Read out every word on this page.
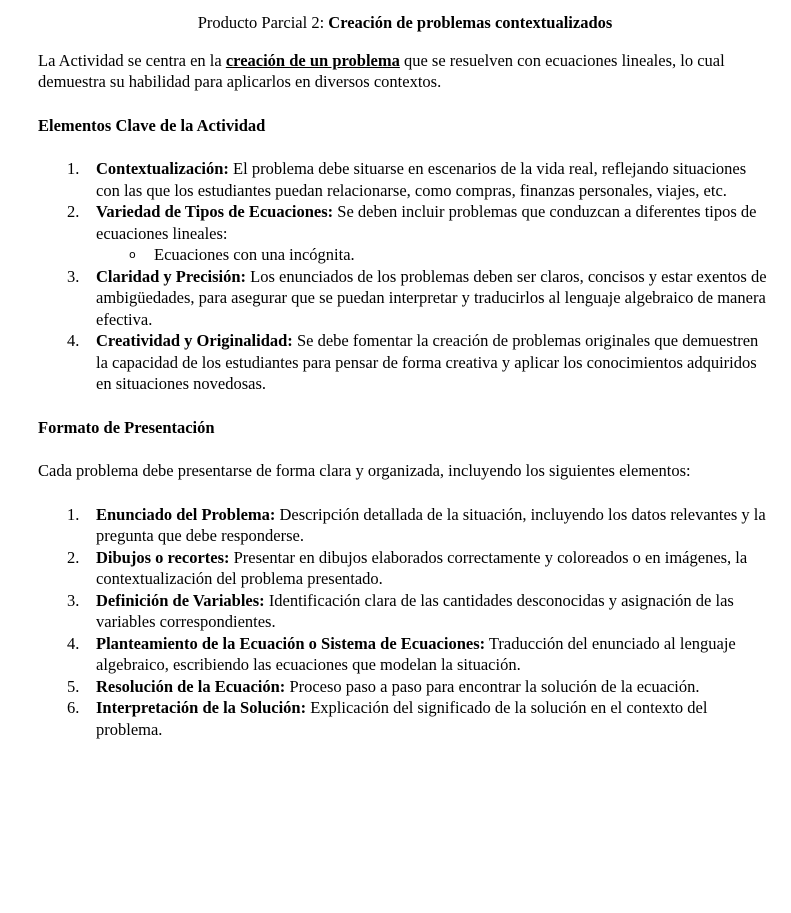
Producto Parcial 2: Creación de problemas contextualizados

La Actividad se centra en la creación de un problema que se resuelven con ecuaciones lineales, lo cual demuestra su habilidad para aplicarlos en diversos contextos.

Elementos Clave de la Actividad
1. Contextualización: El problema debe situarse en escenarios de la vida real, reflejando situaciones con las que los estudiantes puedan relacionarse, como compras, finanzas personales, viajes, etc.
2. Variedad de Tipos de Ecuaciones: Se deben incluir problemas que conduzcan a diferentes tipos de ecuaciones lineales:
o Ecuaciones con una incógnita.
3. Claridad y Precisión: Los enunciados de los problemas deben ser claros, concisos y estar exentos de ambigüedades, para asegurar que se puedan interpretar y traducirlos al lenguaje algebraico de manera efectiva.
4. Creatividad y Originalidad: Se debe fomentar la creación de problemas originales que demuestren la capacidad de los estudiantes para pensar de forma creativa y aplicar los conocimientos adquiridos en situaciones novedosas.
Formato de Presentación

Cada problema debe presentarse de forma clara y organizada, incluyendo los siguientes elementos:

1. Enunciado del Problema: Descripción detallada de la situación, incluyendo los datos relevantes y la pregunta que debe responderse.
2. Dibujos o recortes: Presentar en dibujos elaborados correctamente y coloreados o en imágenes, la contextualización del problema presentado.
3. Definición de Variables: Identificación clara de las cantidades desconocidas y asignación de las variables correspondientes.
4. Planteamiento de la Ecuación o Sistema de Ecuaciones: Traducción del enunciado al lenguaje algebraico, escribiendo las ecuaciones que modelan la situación.
5. Resolución de la Ecuación: Proceso paso a paso para encontrar la solución de la ecuación.
6. Interpretación de la Solución: Explicación del significado de la solución en el contexto del problema.
